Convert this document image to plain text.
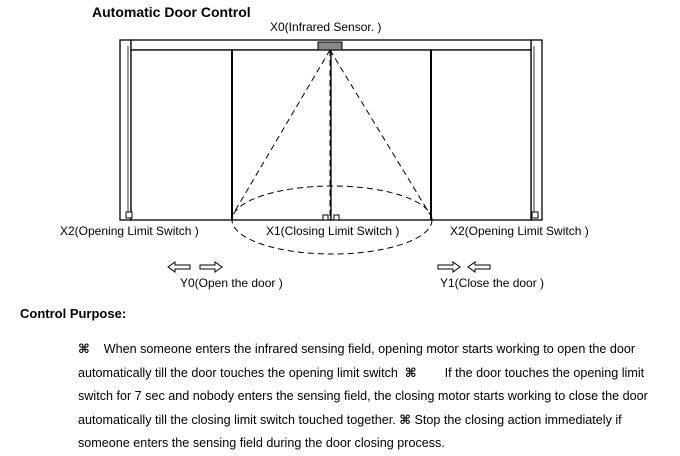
Automatic Door Control
X0(Infrared Sensor. )
X2(Opening Limit Switch )	X1(Closing Limit Switch )	X2(Opening Limit Switch )
Y0(Open the door )	Y1(Close the door )
Control Purpose:
⌘ When someone enters the infrared sensing field, opening motor starts working to open the door automatically till the door touches the opening limit switch ⌘ If the door touches the opening limit switch for 7 sec and nobody enters the sensing field, the closing motor starts working to close the door automatically till the closing limit switch touched together. ⌘ Stop the closing action immediately if someone enters the sensing field during the door closing process.
